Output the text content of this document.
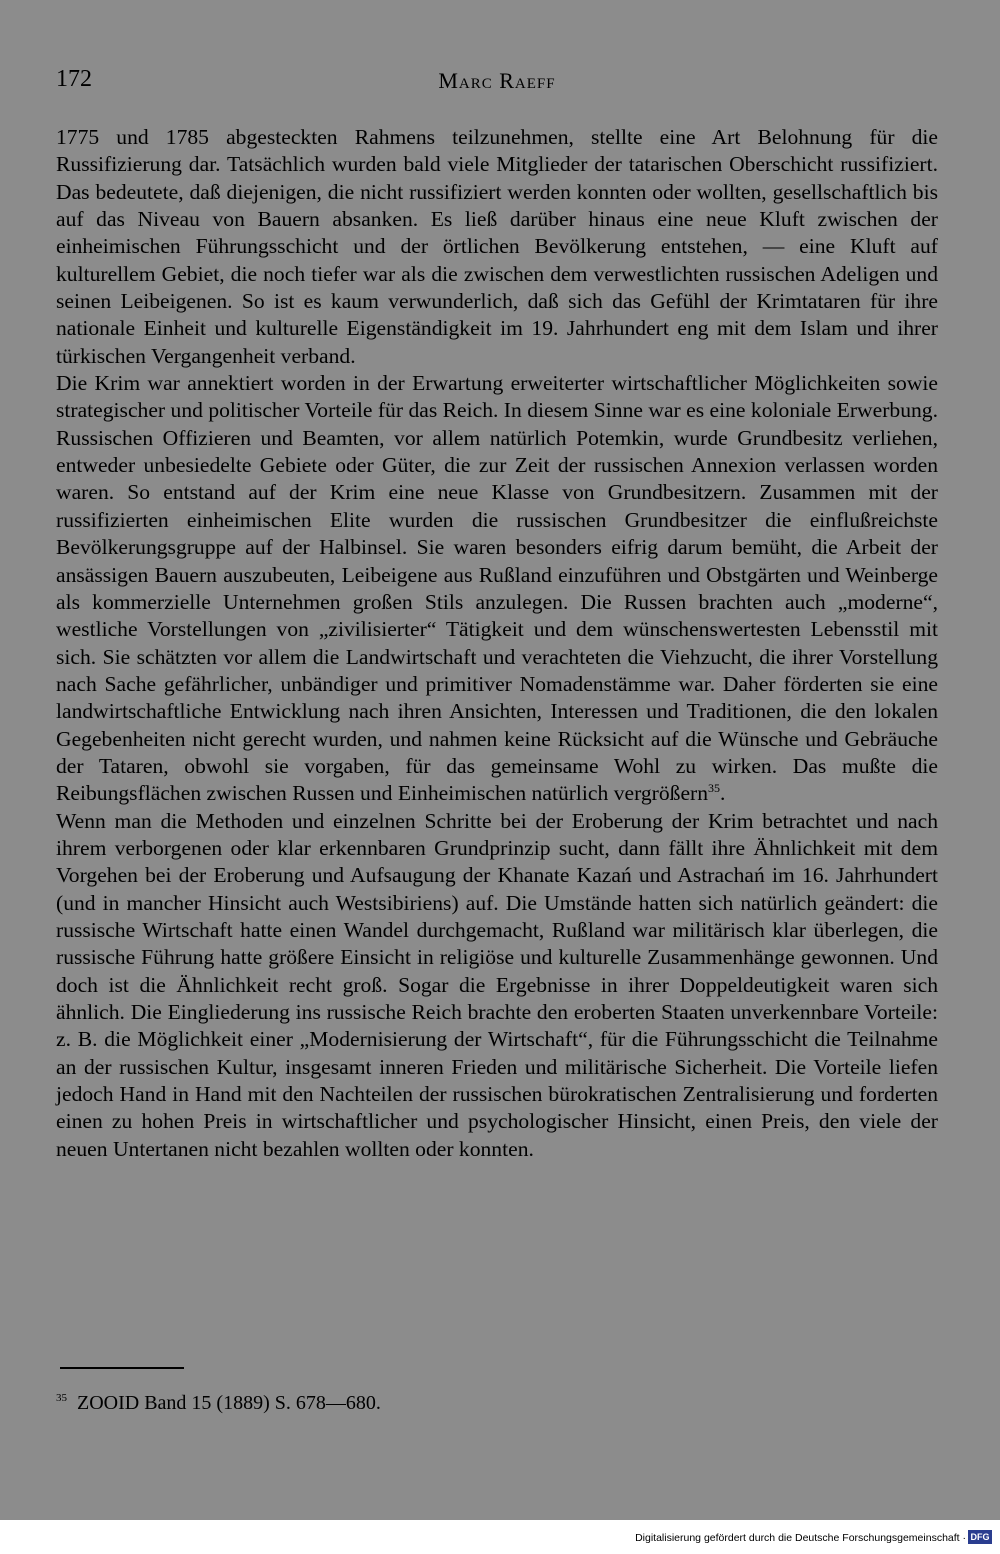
172	Marc Raeff

1775 und 1785 abgesteckten Rahmens teilzunehmen, stellte eine Art Belohnung für die Russifizierung dar. Tatsächlich wurden bald viele Mitglieder der tatarischen Oberschicht russifiziert. Das bedeutete, daß diejenigen, die nicht russifiziert werden konnten oder wollten, gesellschaftlich bis auf das Niveau von Bauern absanken. Es ließ darüber hinaus eine neue Kluft zwischen der einheimischen Führungsschicht und der örtlichen Bevölkerung entstehen, — eine Kluft auf kulturellem Gebiet, die noch tiefer war als die zwischen dem verwestlichten russischen Adeligen und seinen Leibeigenen. So ist es kaum verwunderlich, daß sich das Gefühl der Krimtataren für ihre nationale Einheit und kulturelle Eigenständigkeit im 19. Jahrhundert eng mit dem Islam und ihrer türkischen Vergangenheit verband.

Die Krim war annektiert worden in der Erwartung erweiterter wirtschaftlicher Möglichkeiten sowie strategischer und politischer Vorteile für das Reich. In diesem Sinne war es eine koloniale Erwerbung. Russischen Offizieren und Beamten, vor allem natürlich Potemkin, wurde Grundbesitz verliehen, entweder unbesiedelte Gebiete oder Güter, die zur Zeit der russischen Annexion verlassen worden waren. So entstand auf der Krim eine neue Klasse von Grundbesitzern. Zusammen mit der russifizierten einheimischen Elite wurden die russischen Grundbesitzer die einflußreichste Bevölkerungsgruppe auf der Halbinsel. Sie waren besonders eifrig darum bemüht, die Arbeit der ansässigen Bauern auszubeuten, Leibeigene aus Rußland einzuführen und Obstgärten und Weinberge als kommerzielle Unternehmen großen Stils anzulegen. Die Russen brachten auch „moderne“, westliche Vorstellungen von „zivilisierter“ Tätigkeit und dem wünschenswertesten Lebensstil mit sich. Sie schätzten vor allem die Landwirtschaft und verachteten die Viehzucht, die ihrer Vorstellung nach Sache gefährlicher, unbändiger und primitiver Nomadenstämme war. Daher förderten sie eine landwirtschaftliche Entwicklung nach ihren Ansichten, Interessen und Traditionen, die den lokalen Gegebenheiten nicht gerecht wurden, und nahmen keine Rücksicht auf die Wünsche und Gebräuche der Tataren, obwohl sie vorgaben, für das gemeinsame Wohl zu wirken. Das mußte die Reibungsflächen zwischen Russen und Einheimischen natürlich vergrößern$^{35}$.

Wenn man die Methoden und einzelnen Schritte bei der Eroberung der Krim betrachtet und nach ihrem verborgenen oder klar erkennbaren Grundprinzip sucht, dann fällt ihre Ähnlichkeit mit dem Vorgehen bei der Eroberung und Aufsaugung der Khanate Kazań und Astrachań im 16. Jahrhundert (und in mancher Hinsicht auch Westsibiriens) auf. Die Umstände hatten sich natürlich geändert: die russische Wirtschaft hatte einen Wandel durchgemacht, Rußland war militärisch klar überlegen, die russische Führung hatte größere Einsicht in religiöse und kulturelle Zusammenhänge gewonnen. Und doch ist die Ähnlichkeit recht groß. Sogar die Ergebnisse in ihrer Doppeldeutigkeit waren sich ähnlich. Die Eingliederung ins russische Reich brachte den eroberten Staaten unverkennbare Vorteile: z. B. die Möglichkeit einer „Modernisierung der Wirtschaft“, für die Führungsschicht die Teilnahme an der russischen Kultur, insgesamt inneren Frieden und militärische Sicherheit. Die Vorteile liefen jedoch Hand in Hand mit den Nachteilen der russischen bürokratischen Zentralisierung und forderten einen zu hohen Preis in wirtschaftlicher und psychologischer Hinsicht, einen Preis, den viele der neuen Untertanen nicht bezahlen wollten oder konnten.

$^{35}$ ZOOID Band 15 (1889) S. 678—680.
Digitalisierung gefördert durch die Deutsche Forschungsgemeinschaft · DFG
